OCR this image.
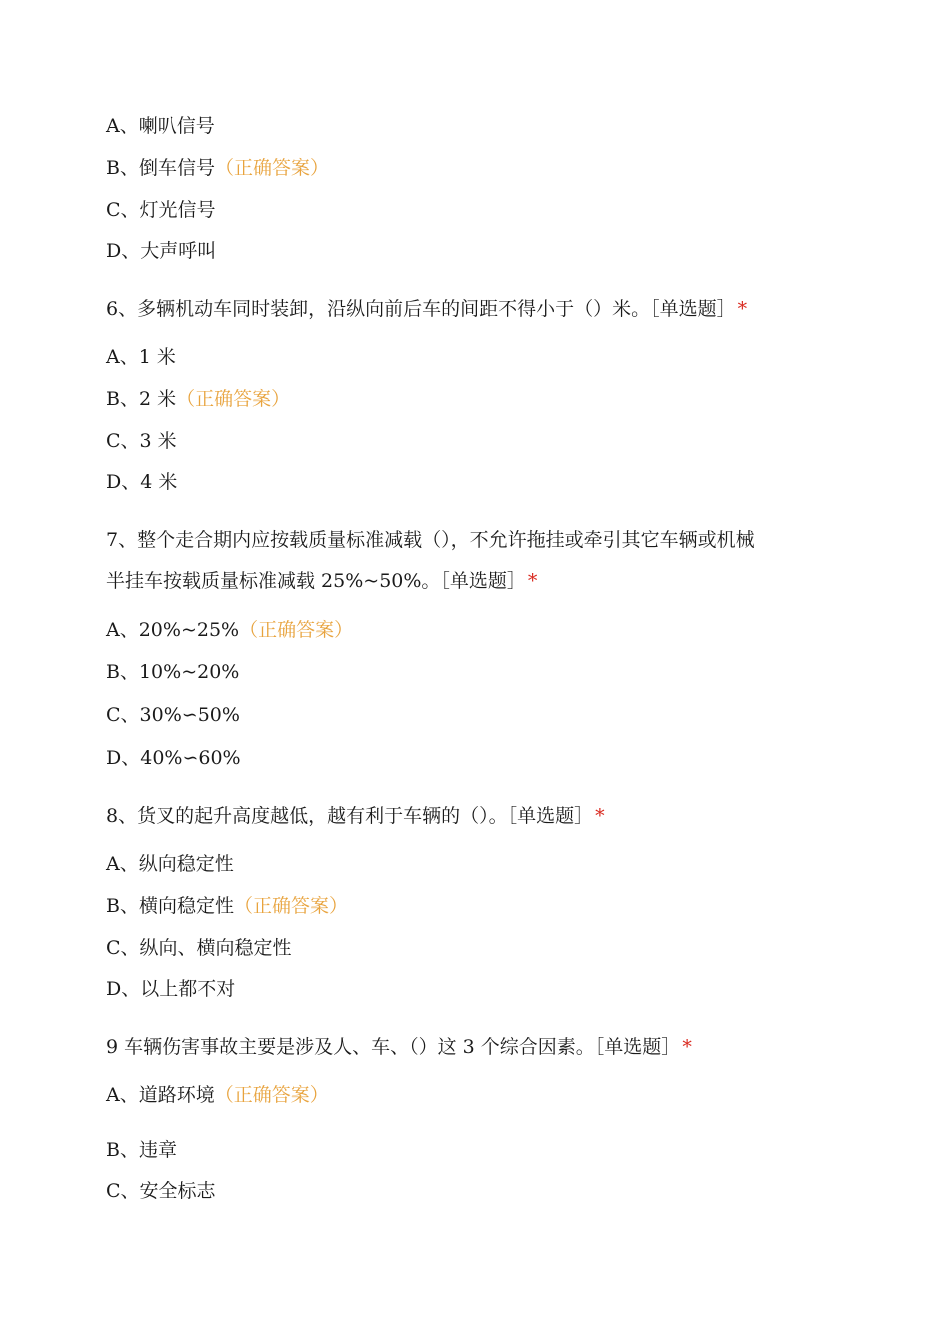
A、喇叭信号
B、倒车信号（正确答案）
C、灯光信号
D、大声呼叫
6、多辆机动车同时装卸，沿纵向前后车的间距不得小于（）米。［单选题］ *
A、1 米
B、2 米（正确答案）
C、3 米
D、4 米
7、整个走合期内应按载质量标准减载（），不允许拖挂或牵引其它车辆或机械
半挂车按载质量标准减载 25%~50%。［单选题］ *
A、20%~25%（正确答案）
B、10%~20%
C、30%∽50%
D、40%∽60%
8、货叉的起升高度越低，越有利于车辆的（）。［单选题］ *
A、纵向稳定性
B、横向稳定性（正确答案）
C、纵向、横向稳定性
D、以上都不对
9 车辆伤害事故主要是涉及人、车、（）这 3 个综合因素。［单选题］ *
A、道路环境（正确答案）
B、违章
C、安全标志
